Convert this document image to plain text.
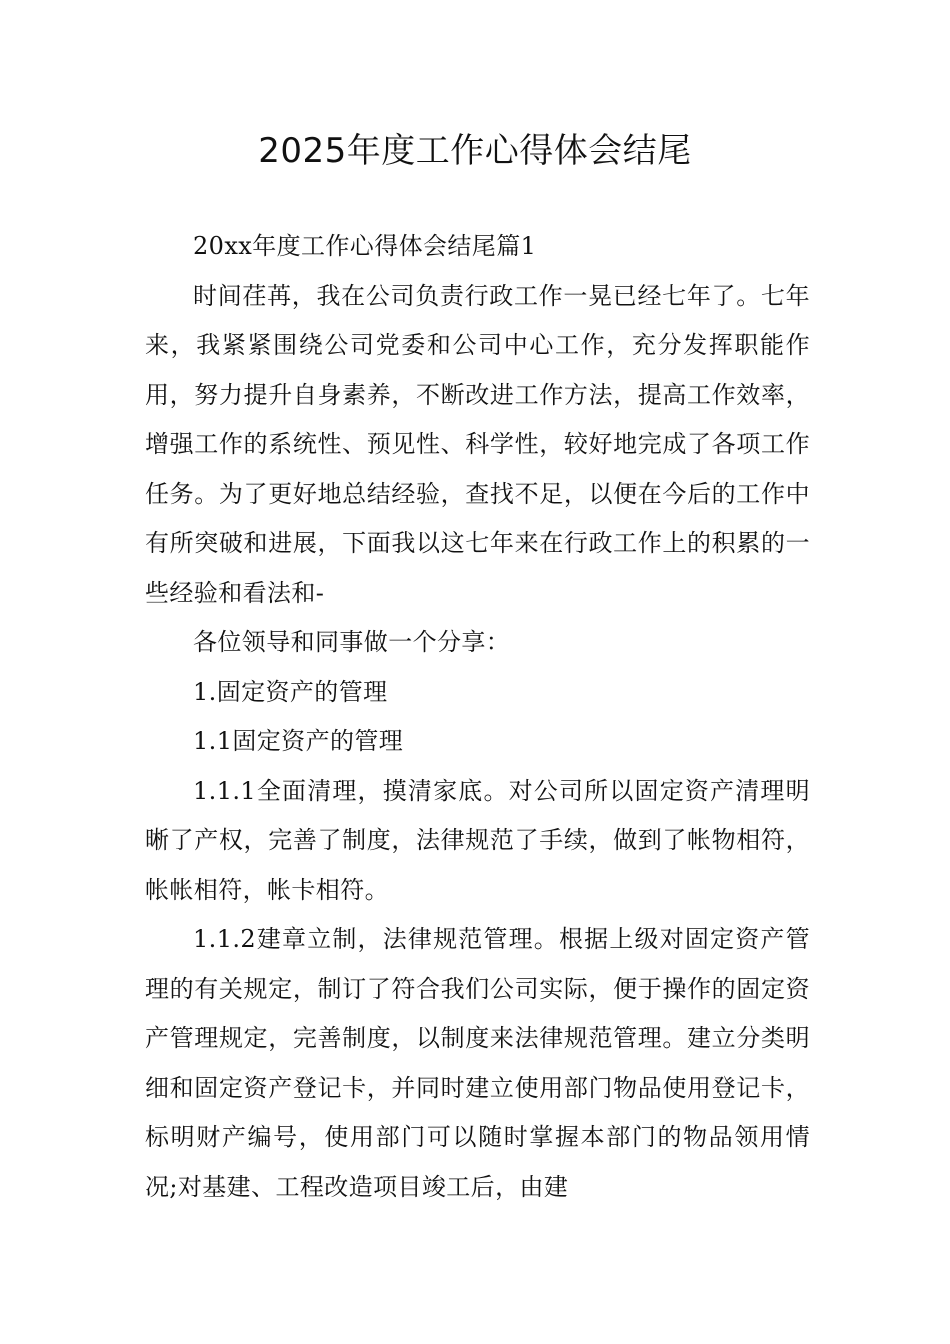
2025年度工作心得体会结尾

20xx年度工作心得体会结尾篇1

时间荏苒，我在公司负责行政工作一晃已经七年了。七年来，我紧紧围绕公司党委和公司中心工作，充分发挥职能作用，努力提升自身素养，不断改进工作方法，提高工作效率，增强工作的系统性、预见性、科学性，较好地完成了各项工作任务。为了更好地总结经验，查找不足，以便在今后的工作中有所突破和进展，下面我以这七年来在行政工作上的积累的一些经验和看法和-

各位领导和同事做一个分享：

1.固定资产的管理

1.1固定资产的管理

1.1.1全面清理，摸清家底。对公司所以固定资产清理明晰了产权，完善了制度，法律规范了手续，做到了帐物相符，帐帐相符，帐卡相符。

1.1.2建章立制，法律规范管理。根据上级对固定资产管理的有关规定，制订了符合我们公司实际，便于操作的固定资产管理规定，完善制度，以制度来法律规范管理。建立分类明细和固定资产登记卡，并同时建立使用部门物品使用登记卡，标明财产编号，使用部门可以随时掌握本部门的物品领用情况;对基建、工程改造项目竣工后，由建
